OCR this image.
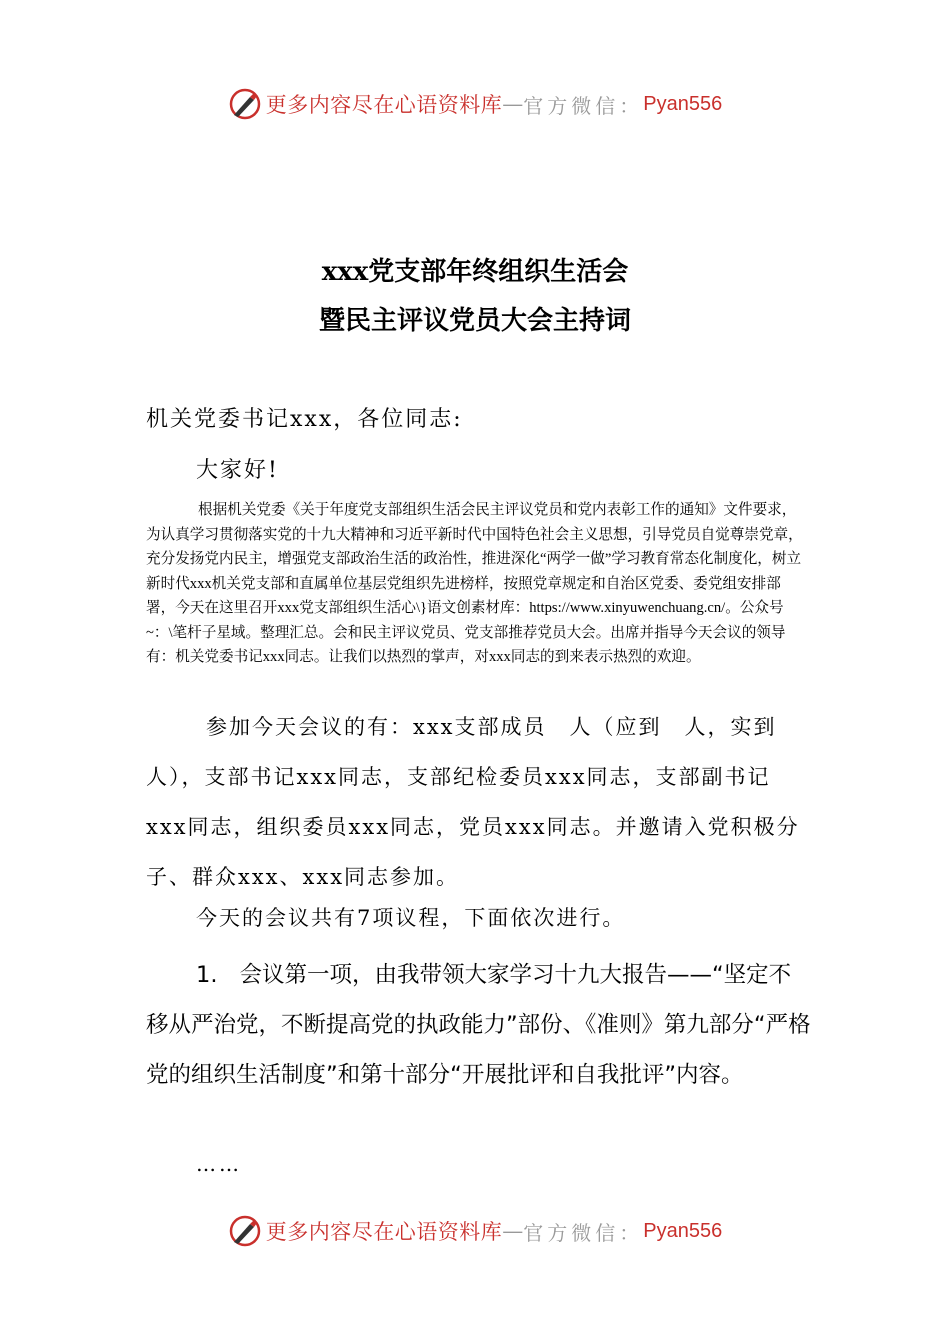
更多内容尽在心语资料库 — 官方微信： Pyan556
xxx党支部年终组织生活会
暨民主评议党员大会主持词
机关党委书记xxx，各位同志:
大家好!

根据机关党委《关于年度党支部组织生活会民主评议党员和党内表彰工作的通知》文件要求，为认真学习贯彻落实党的十九大精神和习近平新时代中国特色社会主义思想，引导党员自觉尊崇党章，充分发扬党内民主，增强党支部政治生活的政治性，推进深化“两学一做”学习教育常态化制度化，树立新时代xxx机关党支部和直属单位基层党组织先进榜样，按照党章规定和自治区党委、委党组安排部署，今天在这里召开xxx党支部组织生活心\}语文创素材库：https://www.xinyuwenchuang.cn/。公众号~：\笔杆子星域。整理汇总。会和民主评议党员、党支部推荐党员大会。出席并指导今天会议的领导有：机关党委书记xxx同志。让我们以热烈的掌声，对xxx同志的到来表示热烈的欢迎。

参加今天会议的有：xxx支部成员　人（应到　人，实到　人），支部书记xxx同志，支部纪检委员xxx同志，支部副书记xxx同志，组织委员xxx同志，党员xxx同志。并邀请入党积极分子、群众xxx、xxx同志参加。

今天的会议共有7项议程，下面依次进行。

1. 会议第一项，由我带领大家学习十九大报告——“坚定不移从严治党，不断提高党的执政能力”部份、《准则》第九部分“严格党的组织生活制度”和第十部分“开展批评和自我批评”内容。

……
更多内容尽在心语资料库 — 官方微信： Pyan556
